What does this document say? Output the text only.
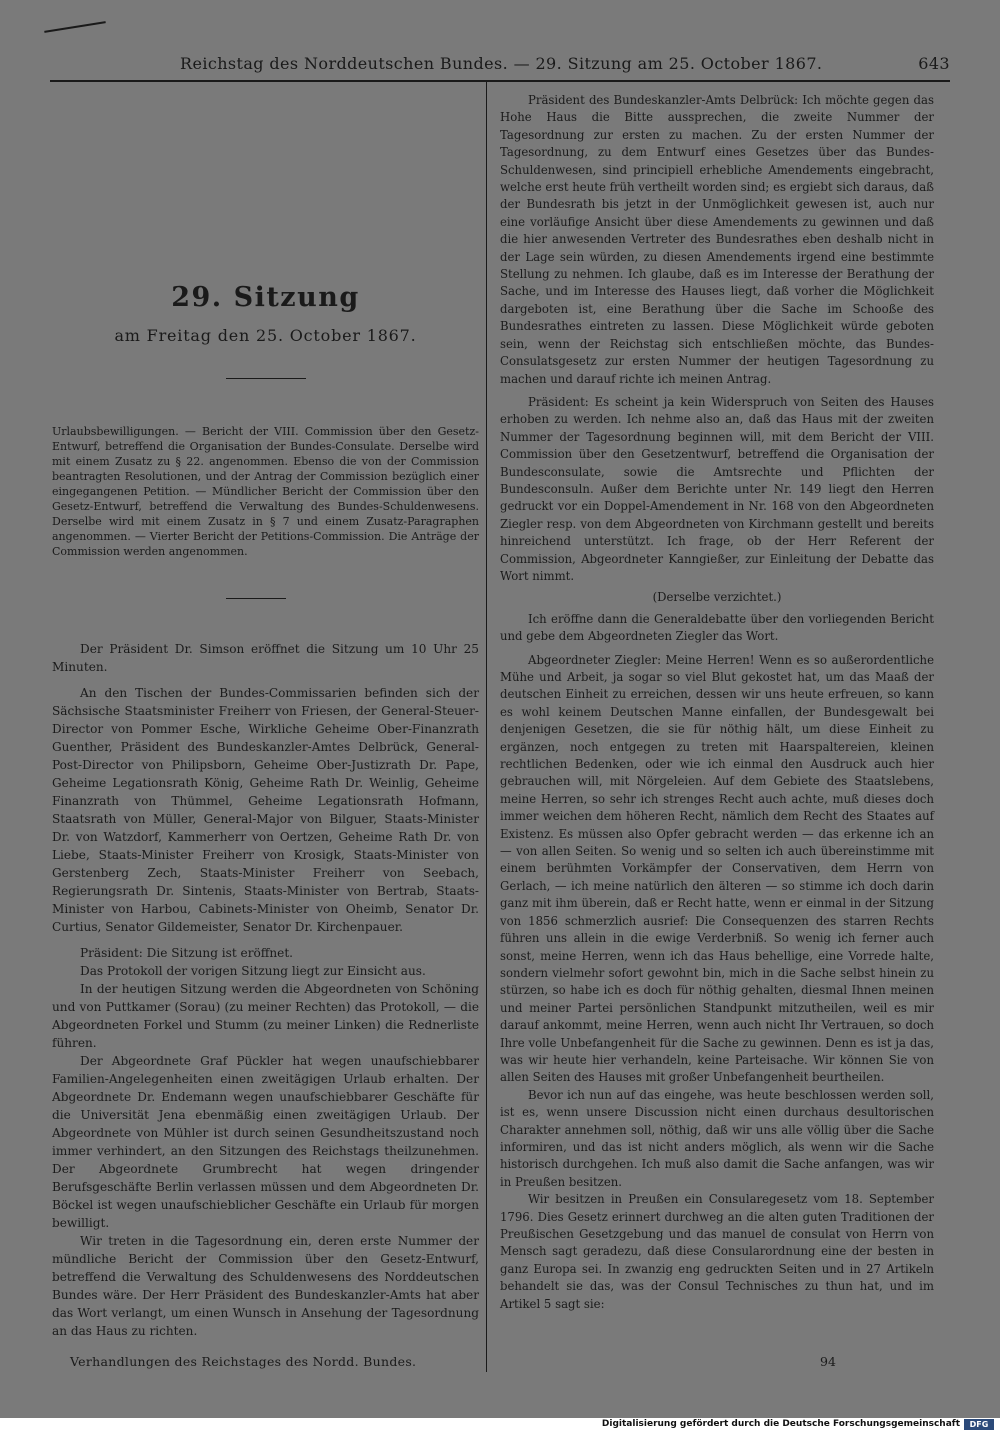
Reichstag des Norddeutschen Bundes. — 29. Sitzung am 25. October 1867.	643
29. Sitzung
am Freitag den 25. October 1867.
Urlaubsbewilligungen. — Bericht der VIII. Commission über den Gesetz-Entwurf, betreffend die Organisation der Bundes-Consulate. Derselbe wird mit einem Zusatz zu § 22. angenommen. Ebenso die von der Commission beantragten Resolutionen, und der Antrag der Commission bezüglich einer eingegangenen Petition. — Mündlicher Bericht der Commission über den Gesetz-Entwurf, betreffend die Verwaltung des Bundes-Schuldenwesens. Derselbe wird mit einem Zusatz in § 7 und einem Zusatz-Paragraphen angenommen. — Vierter Bericht der Petitions-Commission. Die Anträge der Commission werden angenommen.

Der Präsident Dr. Simson eröffnet die Sitzung um 10 Uhr 25 Minuten.

An den Tischen der Bundes-Commissarien befinden sich der Sächsische Staatsminister Freiherr von Friesen, der General-Steuer-Director von Pommer Esche, Wirkliche Geheime Ober-Finanzrath Guenther, Präsident des Bundeskanzler-Amtes Delbrück, General-Post-Director von Philipsborn, Geheime Ober-Justizrath Dr. Pape, Geheime Legationsrath König, Geheime Rath Dr. Weinlig, Geheime Finanzrath von Thümmel, Geheime Legationsrath Hofmann, Staatsrath von Müller, General-Major von Bilguer, Staats-Minister Dr. von Watzdorf, Kammerherr von Oertzen, Geheime Rath Dr. von Liebe, Staats-Minister Freiherr von Krosigk, Staats-Minister von Gerstenberg Zech, Staats-Minister Freiherr von Seebach, Regierungsrath Dr. Sintenis, Staats-Minister von Bertrab, Staats-Minister von Harbou, Cabinets-Minister von Oheimb, Senator Dr. Curtius, Senator Gildemeister, Senator Dr. Kirchenpauer.

Präsident: Die Sitzung ist eröffnet.

Das Protokoll der vorigen Sitzung liegt zur Einsicht aus.

In der heutigen Sitzung werden die Abgeordneten von Schöning und von Puttkamer (Sorau) (zu meiner Rechten) das Protokoll, — die Abgeordneten Forkel und Stumm (zu meiner Linken) die Rednerliste führen.

Der Abgeordnete Graf Pückler hat wegen unaufschiebbarer Familien-Angelegenheiten einen zweitägigen Urlaub erhalten. Der Abgeordnete Dr. Endemann wegen unaufschiebbarer Geschäfte für die Universität Jena ebenmäßig einen zweitägigen Urlaub. Der Abgeordnete von Mühler ist durch seinen Gesundheitszustand noch immer verhindert, an den Sitzungen des Reichstags theilzunehmen. Der Abgeordnete Grumbrecht hat wegen dringender Berufsgeschäfte Berlin verlassen müssen und dem Abgeordneten Dr. Böckel ist wegen unaufschieblicher Geschäfte ein Urlaub für morgen bewilligt.

Wir treten in die Tagesordnung ein, deren erste Nummer der mündliche Bericht der Commission über den Gesetz-Entwurf, betreffend die Verwaltung des Schuldenwesens des Norddeutschen Bundes wäre. Der Herr Präsident des Bundeskanzler-Amts hat aber das Wort verlangt, um einen Wunsch in Ansehung der Tagesordnung an das Haus zu richten.

Präsident des Bundeskanzler-Amts Delbrück: Ich möchte gegen das Hohe Haus die Bitte aussprechen, die zweite Nummer der Tagesordnung zur ersten zu machen. Zu der ersten Nummer der Tagesordnung, zu dem Entwurf eines Gesetzes über das Bundes-Schuldenwesen, sind principiell erhebliche Amendements eingebracht, welche erst heute früh vertheilt worden sind; es ergiebt sich daraus, daß der Bundesrath bis jetzt in der Unmöglichkeit gewesen ist, auch nur eine vorläufige Ansicht über diese Amendements zu gewinnen und daß die hier anwesenden Vertreter des Bundesrathes eben deshalb nicht in der Lage sein würden, zu diesen Amendements irgend eine bestimmte Stellung zu nehmen. Ich glaube, daß es im Interesse der Berathung der Sache, und im Interesse des Hauses liegt, daß vorher die Möglichkeit dargeboten ist, eine Berathung über die Sache im Schooße des Bundesrathes eintreten zu lassen. Diese Möglichkeit würde geboten sein, wenn der Reichstag sich entschließen möchte, das Bundes-Consulatsgesetz zur ersten Nummer der heutigen Tagesordnung zu machen und darauf richte ich meinen Antrag.

Präsident: Es scheint ja kein Widerspruch von Seiten des Hauses erhoben zu werden. Ich nehme also an, daß das Haus mit der zweiten Nummer der Tagesordnung beginnen will, mit dem Bericht der VIII. Commission über den Gesetzentwurf, betreffend die Organisation der Bundesconsulate, sowie die Amtsrechte und Pflichten der Bundesconsuln. Außer dem Berichte unter Nr. 149 liegt den Herren gedruckt vor ein Doppel-Amendement in Nr. 168 von den Abgeordneten Ziegler resp. von dem Abgeordneten von Kirchmann gestellt und bereits hinreichend unterstützt. Ich frage, ob der Herr Referent der Commission, Abgeordneter Kanngießer, zur Einleitung der Debatte das Wort nimmt.

(Derselbe verzichtet.)

Ich eröffne dann die Generaldebatte über den vorliegenden Bericht und gebe dem Abgeordneten Ziegler das Wort.

Abgeordneter Ziegler: Meine Herren! Wenn es so außerordentliche Mühe und Arbeit, ja sogar so viel Blut gekostet hat, um das Maaß der deutschen Einheit zu erreichen, dessen wir uns heute erfreuen, so kann es wohl keinem Deutschen Manne einfallen, der Bundesgewalt bei denjenigen Gesetzen, die sie für nöthig hält, um diese Einheit zu ergänzen, noch entgegen zu treten mit Haarspaltereien, kleinen rechtlichen Bedenken, oder wie ich einmal den Ausdruck auch hier gebrauchen will, mit Nörgeleien. Auf dem Gebiete des Staatslebens, meine Herren, so sehr ich strenges Recht auch achte, muß dieses doch immer weichen dem höheren Recht, nämlich dem Recht des Staates auf Existenz. Es müssen also Opfer gebracht werden — das erkenne ich an — von allen Seiten. So wenig und so selten ich auch übereinstimme mit einem berühmten Vorkämpfer der Conservativen, dem Herrn von Gerlach, — ich meine natürlich den älteren — so stimme ich doch darin ganz mit ihm überein, daß er Recht hatte, wenn er einmal in der Sitzung von 1856 schmerzlich ausrief: Die Consequenzen des starren Rechts führen uns allein in die ewige Verderbniß. So wenig ich ferner auch sonst, meine Herren, wenn ich das Haus behellige, eine Vorrede halte, sondern vielmehr sofort gewohnt bin, mich in die Sache selbst hinein zu stürzen, so habe ich es doch für nöthig gehalten, diesmal Ihnen meinen und meiner Partei persönlichen Standpunkt mitzutheilen, weil es mir darauf ankommt, meine Herren, wenn auch nicht Ihr Vertrauen, so doch Ihre volle Unbefangenheit für die Sache zu gewinnen. Denn es ist ja das, was wir heute hier verhandeln, keine Parteisache. Wir können Sie von allen Seiten des Hauses mit großer Unbefangenheit beurtheilen.

Bevor ich nun auf das eingehe, was heute beschlossen werden soll, ist es, wenn unsere Discussion nicht einen durchaus desultorischen Charakter annehmen soll, nöthig, daß wir uns alle völlig über die Sache informiren, und das ist nicht anders möglich, als wenn wir die Sache historisch durchgehen. Ich muß also damit die Sache anfangen, was wir in Preußen besitzen.

Wir besitzen in Preußen ein Consularegesetz vom 18. September 1796. Dies Gesetz erinnert durchweg an die alten guten Traditionen der Preußischen Gesetzgebung und das manuel de consulat von Herrn von Mensch sagt geradezu, daß diese Consularordnung eine der besten in ganz Europa sei. In zwanzig eng gedruckten Seiten und in 27 Artikeln behandelt sie das, was der Consul Technisches zu thun hat, und im Artikel 5 sagt sie:

Verhandlungen des Reichstages des Nordd. Bundes.	94
Digitalisierung gefördert durch die Deutsche Forschungsgemeinschaft	DFG
